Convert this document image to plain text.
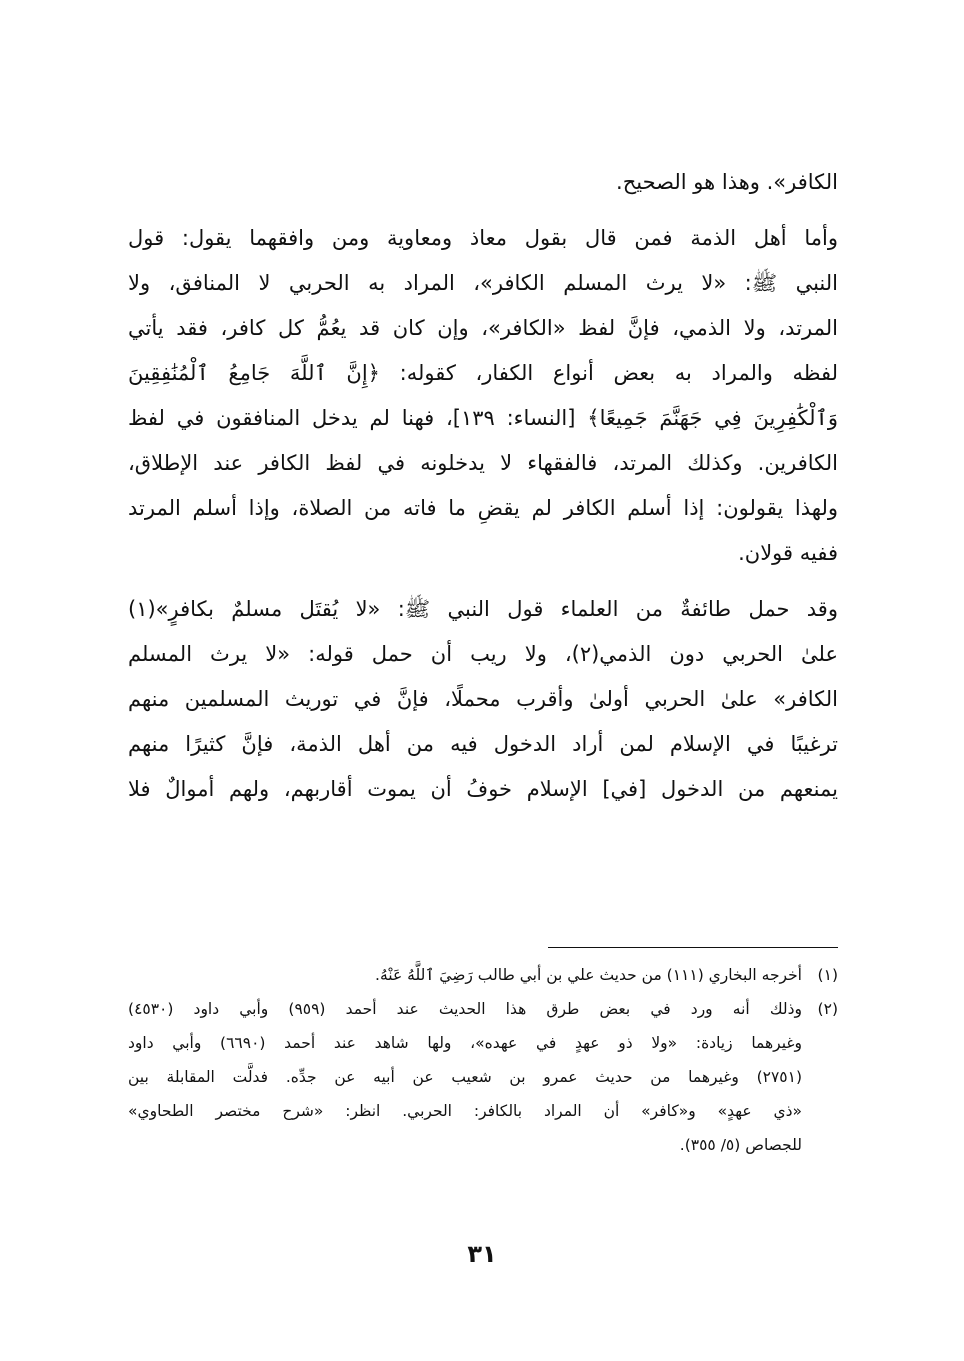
الكافر». وهذا هو الصحيح.
وأما أهل الذمة فمن قال بقول معاذ ومعاوية ومن وافقهما يقول: قول
النبي ﷺ: «لا يرث المسلم الكافر»، المراد به الحربي لا المنافق، ولا
المرتد، ولا الذمي، فإنَّ لفظ «الكافر»، وإن كان قد يعُمُّ كل كافر، فقد يأتي
لفظه والمراد به بعض أنواع الكفار، كقوله: ﴿إِنَّ ٱللَّهَ جَامِعُ ٱلْمُنَٰفِقِينَ
وَٱلْكَٰفِرِينَ فِي جَهَنَّمَ جَمِيعًا﴾ [النساء: ١٣٩]، فهنا لم يدخل المنافقون في لفظ
الكافرين. وكذلك المرتد، فالفقهاء لا يدخلونه في لفظ الكافر عند الإطلاق،
ولهذا يقولون: إذا أسلم الكافر لم يقضِ ما فاته من الصلاة، وإذا أسلم المرتد
ففيه قولان.
وقد حمل طائفةٌ من العلماء قول النبي ﷺ: «لا يُقتَل مسلمٌ بكافرٍ»(١)
علىٰ الحربي دون الذمي(٢)، ولا ريب أن حمل قوله: «لا يرث المسلم
الكافر» علىٰ الحربي أولىٰ وأقرب محملًا، فإنَّ في توريث المسلمين منهم
ترغيبًا في الإسلام لمن أراد الدخول فيه من أهل الذمة، فإنَّ كثيرًا منهم
يمنعهم من الدخول [في] الإسلام خوفُ أن يموت أقاربهم، ولهم أموالٌ فلا
(١)أخرجه البخاري (١١١) من حديث علي بن أبي طالب رَضِيَ ٱللَّهُ عَنْهُ.
(٢)وذلك أنه ورد في بعض طرق هذا الحديث عند أحمد (٩٥٩) وأبي داود (٤٥٣٠)
وغيرهما زيادة: «ولا ذو عهدٍ في عهده»، ولها شاهد عند أحمد (٦٦٩٠) وأبي داود
(٢٧٥١) وغيرهما من حديث عمرو بن شعيب عن أبيه عن جدِّه. فدلَّت المقابلة بين
«ذي عهدٍ» و«كافر» أن المراد بالكافر: الحربي. انظر: «شرح مختصر الطحاوي»
للجصاص (٥/ ٣٥٥).
٣١
